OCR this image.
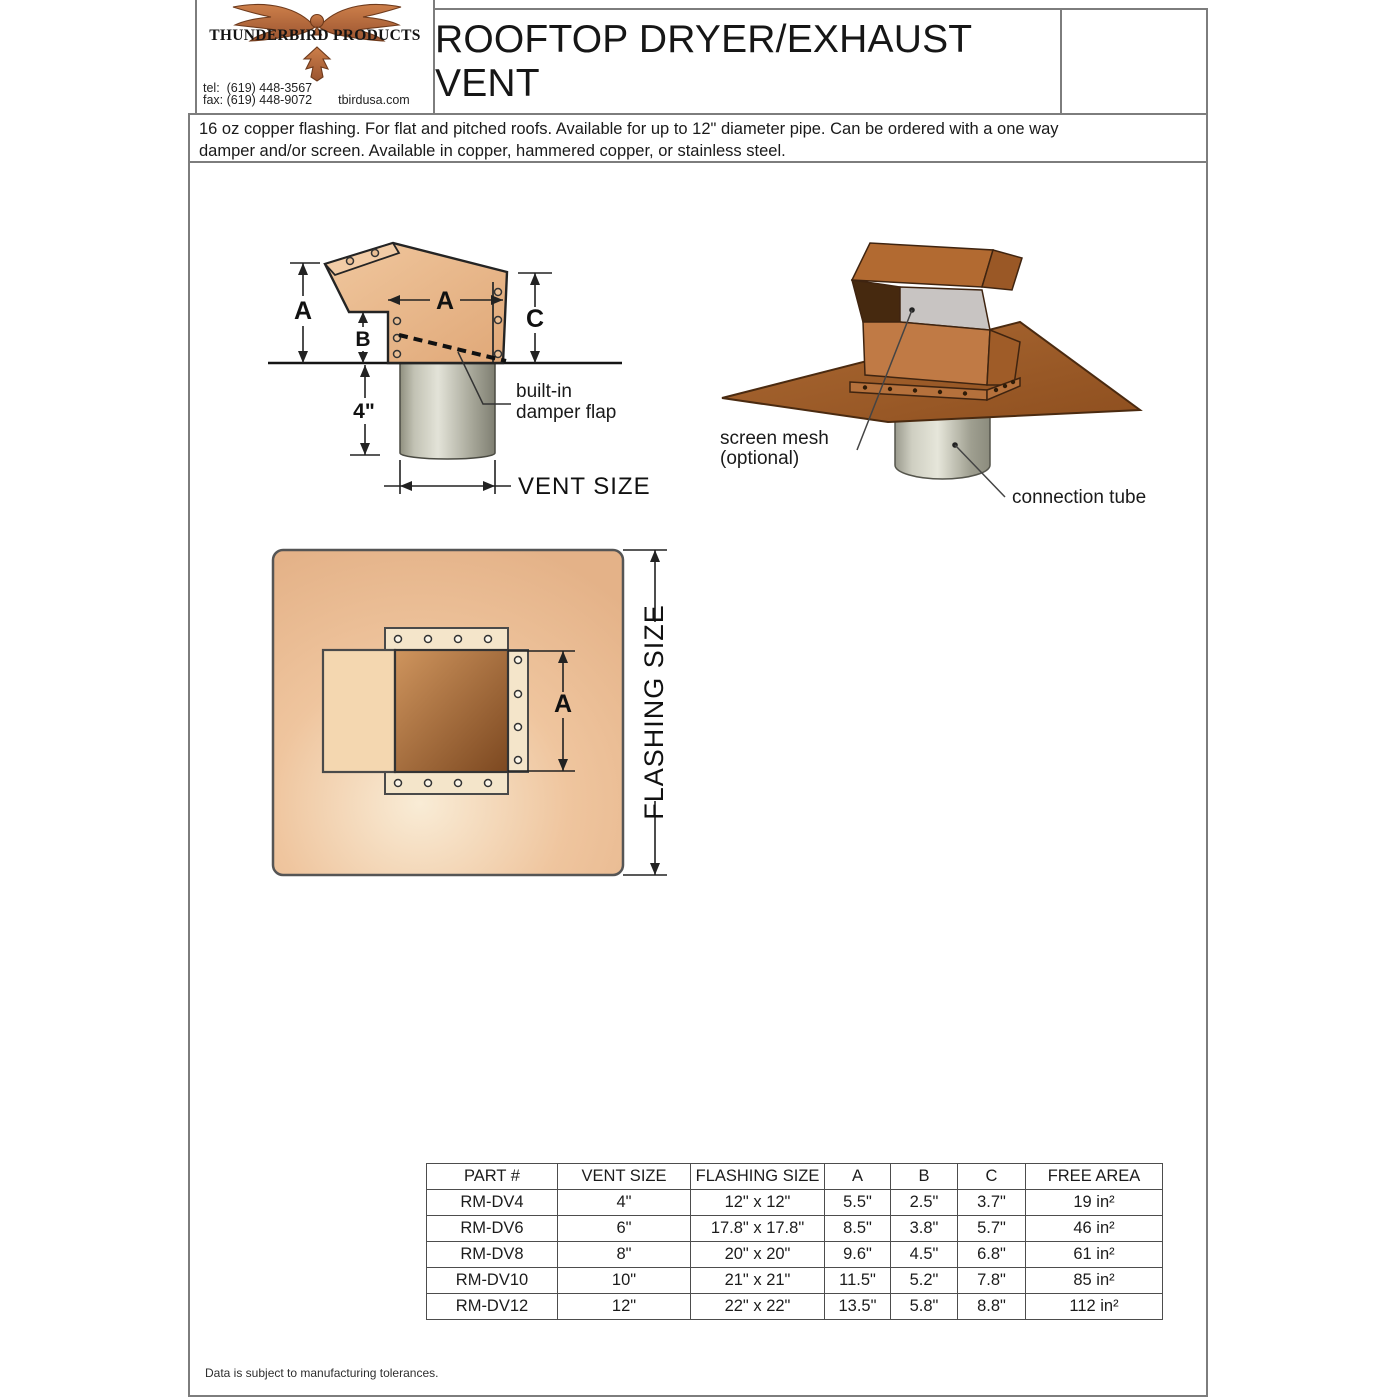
THUNDERBIRD PRODUCTS
tel: (619) 448-3567
fax: (619) 448-9072 tbirdusa.com
ROOFTOP DRYER/EXHAUST VENT
16 oz copper flashing. For flat and pitched roofs. Available for up to 12" diameter pipe. Can be ordered with a one way
damper and/or screen. Available in copper, hammered copper, or stainless steel.
A	A
B
C
4"
VENT SIZE
built-in
damper flap
screen mesh
(optional)
connection tube
A FLASHING SIZE
PART #	VENT SIZE	FLASHING SIZE	A	B	C	FREE AREA
RM-DV4	4"	12" x 12"	5.5"	2.5"	3.7"	19 in²
RM-DV6	6"	17.8" x 17.8"	8.5"	3.8"	5.7"	46 in²
RM-DV8	8"	20" x 20"	9.6"	4.5"	6.8"	61 in²
RM-DV10	10"	21" x 21"	11.5"	5.2"	7.8"	85 in²
RM-DV12	12"	22" x 22"	13.5"	5.8"	8.8"	112 in²
Data is subject to manufacturing tolerances.
